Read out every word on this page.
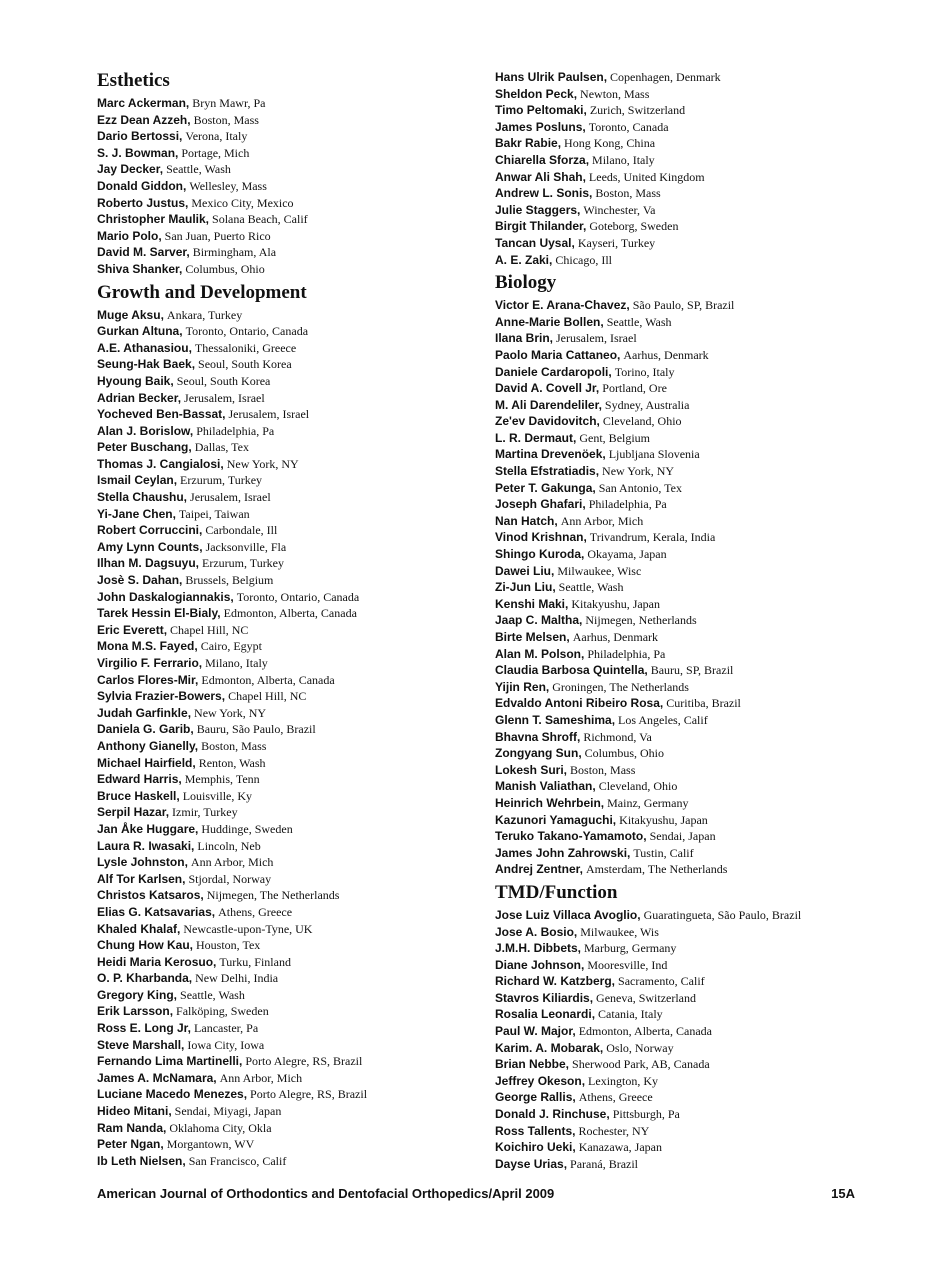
Esthetics
Marc Ackerman, Bryn Mawr, Pa
Ezz Dean Azzeh, Boston, Mass
Dario Bertossi, Verona, Italy
S. J. Bowman, Portage, Mich
Jay Decker, Seattle, Wash
Donald Giddon, Wellesley, Mass
Roberto Justus, Mexico City, Mexico
Christopher Maulik, Solana Beach, Calif
Mario Polo, San Juan, Puerto Rico
David M. Sarver, Birmingham, Ala
Shiva Shanker, Columbus, Ohio
Growth and Development
Muge Aksu, Ankara, Turkey
Gurkan Altuna, Toronto, Ontario, Canada
A.E. Athanasiou, Thessaloniki, Greece
Seung-Hak Baek, Seoul, South Korea
Hyoung Baik, Seoul, South Korea
Adrian Becker, Jerusalem, Israel
Yocheved Ben-Bassat, Jerusalem, Israel
Alan J. Borislow, Philadelphia, Pa
Peter Buschang, Dallas, Tex
Thomas J. Cangialosi, New York, NY
Ismail Ceylan, Erzurum, Turkey
Stella Chaushu, Jerusalem, Israel
Yi-Jane Chen, Taipei, Taiwan
Robert Corruccini, Carbondale, Ill
Amy Lynn Counts, Jacksonville, Fla
Ilhan M. Dagsuyu, Erzurum, Turkey
Josè S. Dahan, Brussels, Belgium
John Daskalogiannakis, Toronto, Ontario, Canada
Tarek Hessin El-Bialy, Edmonton, Alberta, Canada
Eric Everett, Chapel Hill, NC
Mona M.S. Fayed, Cairo, Egypt
Virgilio F. Ferrario, Milano, Italy
Carlos Flores-Mir, Edmonton, Alberta, Canada
Sylvia Frazier-Bowers, Chapel Hill, NC
Judah Garfinkle, New York, NY
Daniela G. Garib, Bauru, São Paulo, Brazil
Anthony Gianelly, Boston, Mass
Michael Hairfield, Renton, Wash
Edward Harris, Memphis, Tenn
Bruce Haskell, Louisville, Ky
Serpil Hazar, Izmir, Turkey
Jan Åke Huggare, Huddinge, Sweden
Laura R. Iwasaki, Lincoln, Neb
Lysle Johnston, Ann Arbor, Mich
Alf Tor Karlsen, Stjordal, Norway
Christos Katsaros, Nijmegen, The Netherlands
Elias G. Katsavarias, Athens, Greece
Khaled Khalaf, Newcastle-upon-Tyne, UK
Chung How Kau, Houston, Tex
Heidi Maria Kerosuo, Turku, Finland
O. P. Kharbanda, New Delhi, India
Gregory King, Seattle, Wash
Erik Larsson, Falköping, Sweden
Ross E. Long Jr, Lancaster, Pa
Steve Marshall, Iowa City, Iowa
Fernando Lima Martinelli, Porto Alegre, RS, Brazil
James A. McNamara, Ann Arbor, Mich
Luciane Macedo Menezes, Porto Alegre, RS, Brazil
Hideo Mitani, Sendai, Miyagi, Japan
Ram Nanda, Oklahoma City, Okla
Peter Ngan, Morgantown, WV
Ib Leth Nielsen, San Francisco, Calif
Hans Ulrik Paulsen, Copenhagen, Denmark
Sheldon Peck, Newton, Mass
Timo Peltomaki, Zurich, Switzerland
James Posluns, Toronto, Canada
Bakr Rabie, Hong Kong, China
Chiarella Sforza, Milano, Italy
Anwar Ali Shah, Leeds, United Kingdom
Andrew L. Sonis, Boston, Mass
Julie Staggers, Winchester, Va
Birgit Thilander, Goteborg, Sweden
Tancan Uysal, Kayseri, Turkey
A. E. Zaki, Chicago, Ill
Biology
Victor E. Arana-Chavez, São Paulo, SP, Brazil
Anne-Marie Bollen, Seattle, Wash
Ilana Brin, Jerusalem, Israel
Paolo Maria Cattaneo, Aarhus, Denmark
Daniele Cardaropoli, Torino, Italy
David A. Covell Jr, Portland, Ore
M. Ali Darendeliler, Sydney, Australia
Ze'ev Davidovitch, Cleveland, Ohio
L. R. Dermaut, Gent, Belgium
Martina Drevenöek, Ljubljana Slovenia
Stella Efstratiadis, New York, NY
Peter T. Gakunga, San Antonio, Tex
Joseph Ghafari, Philadelphia, Pa
Nan Hatch, Ann Arbor, Mich
Vinod Krishnan, Trivandrum, Kerala, India
Shingo Kuroda, Okayama, Japan
Dawei Liu, Milwaukee, Wisc
Zi-Jun Liu, Seattle, Wash
Kenshi Maki, Kitakyushu, Japan
Jaap C. Maltha, Nijmegen, Netherlands
Birte Melsen, Aarhus, Denmark
Alan M. Polson, Philadelphia, Pa
Claudia Barbosa Quintella, Bauru, SP, Brazil
Yijin Ren, Groningen, The Netherlands
Edvaldo Antoni Ribeiro Rosa, Curitiba, Brazil
Glenn T. Sameshima, Los Angeles, Calif
Bhavna Shroff, Richmond, Va
Zongyang Sun, Columbus, Ohio
Lokesh Suri, Boston, Mass
Manish Valiathan, Cleveland, Ohio
Heinrich Wehrbein, Mainz, Germany
Kazunori Yamaguchi, Kitakyushu, Japan
Teruko Takano-Yamamoto, Sendai, Japan
James John Zahrowski, Tustin, Calif
Andrej Zentner, Amsterdam, The Netherlands
TMD/Function
Jose Luiz Villaca Avoglio, Guaratingueta, São Paulo, Brazil
Jose A. Bosio, Milwaukee, Wis
J.M.H. Dibbets, Marburg, Germany
Diane Johnson, Mooresville, Ind
Richard W. Katzberg, Sacramento, Calif
Stavros Kiliardis, Geneva, Switzerland
Rosalia Leonardi, Catania, Italy
Paul W. Major, Edmonton, Alberta, Canada
Karim. A. Mobarak, Oslo, Norway
Brian Nebbe, Sherwood Park, AB, Canada
Jeffrey Okeson, Lexington, Ky
George Rallis, Athens, Greece
Donald J. Rinchuse, Pittsburgh, Pa
Ross Tallents, Rochester, NY
Koichiro Ueki, Kanazawa, Japan
Dayse Urias, Paraná, Brazil
American Journal of Orthodontics and Dentofacial Orthopedics/April 2009	15A
